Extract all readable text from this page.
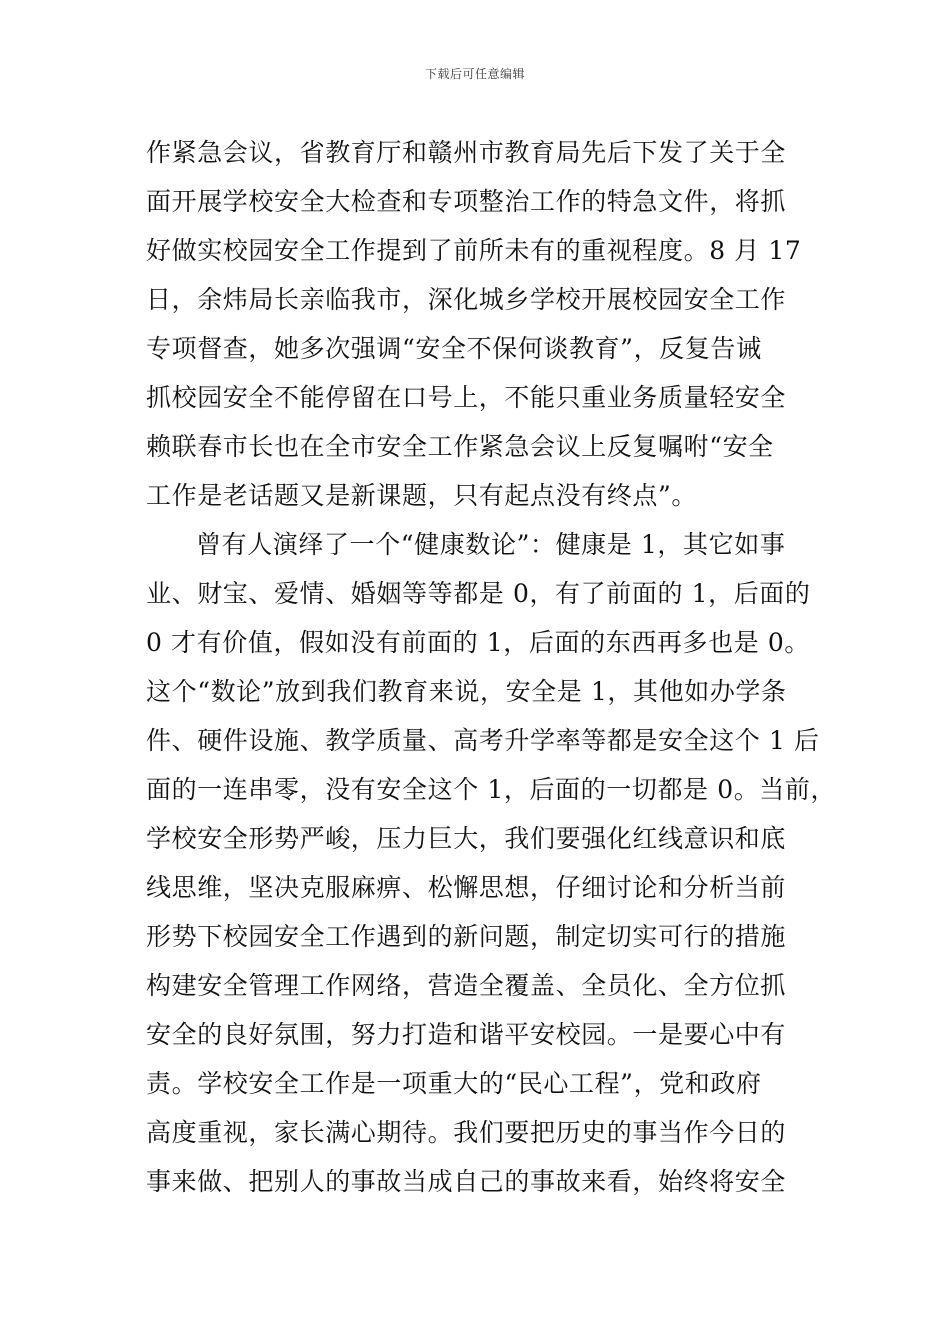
下载后可任意编辑
作紧急会议，省教育厅和赣州市教育局先后下发了关于全
面开展学校安全大检查和专项整治工作的特急文件，将抓
好做实校园安全工作提到了前所未有的重视程度。8 月 17
日，余炜局长亲临我市，深化城乡学校开展校园安全工作
专项督查，她多次强调“安全不保何谈教育”，反复告诫
抓校园安全不能停留在口号上，不能只重业务质量轻安全
赖联春市长也在全市安全工作紧急会议上反复嘱咐“安全
工作是老话题又是新课题，只有起点没有终点”。
曾有人演绎了一个“健康数论”：健康是 1，其它如事
业、财宝、爱情、婚姻等等都是 0，有了前面的 1，后面的
0 才有价值，假如没有前面的 1，后面的东西再多也是 0。
这个“数论”放到我们教育来说，安全是 1，其他如办学条
件、硬件设施、教学质量、高考升学率等都是安全这个 1 后
面的一连串零，没有安全这个 1，后面的一切都是 0。当前，
学校安全形势严峻，压力巨大，我们要强化红线意识和底
线思维，坚决克服麻痹、松懈思想，仔细讨论和分析当前
形势下校园安全工作遇到的新问题，制定切实可行的措施
构建安全管理工作网络，营造全覆盖、全员化、全方位抓
安全的良好氛围，努力打造和谐平安校园。一是要心中有
责。学校安全工作是一项重大的“民心工程”，党和政府
高度重视，家长满心期待。我们要把历史的事当作今日的
事来做、把别人的事故当成自己的事故来看，始终将安全
